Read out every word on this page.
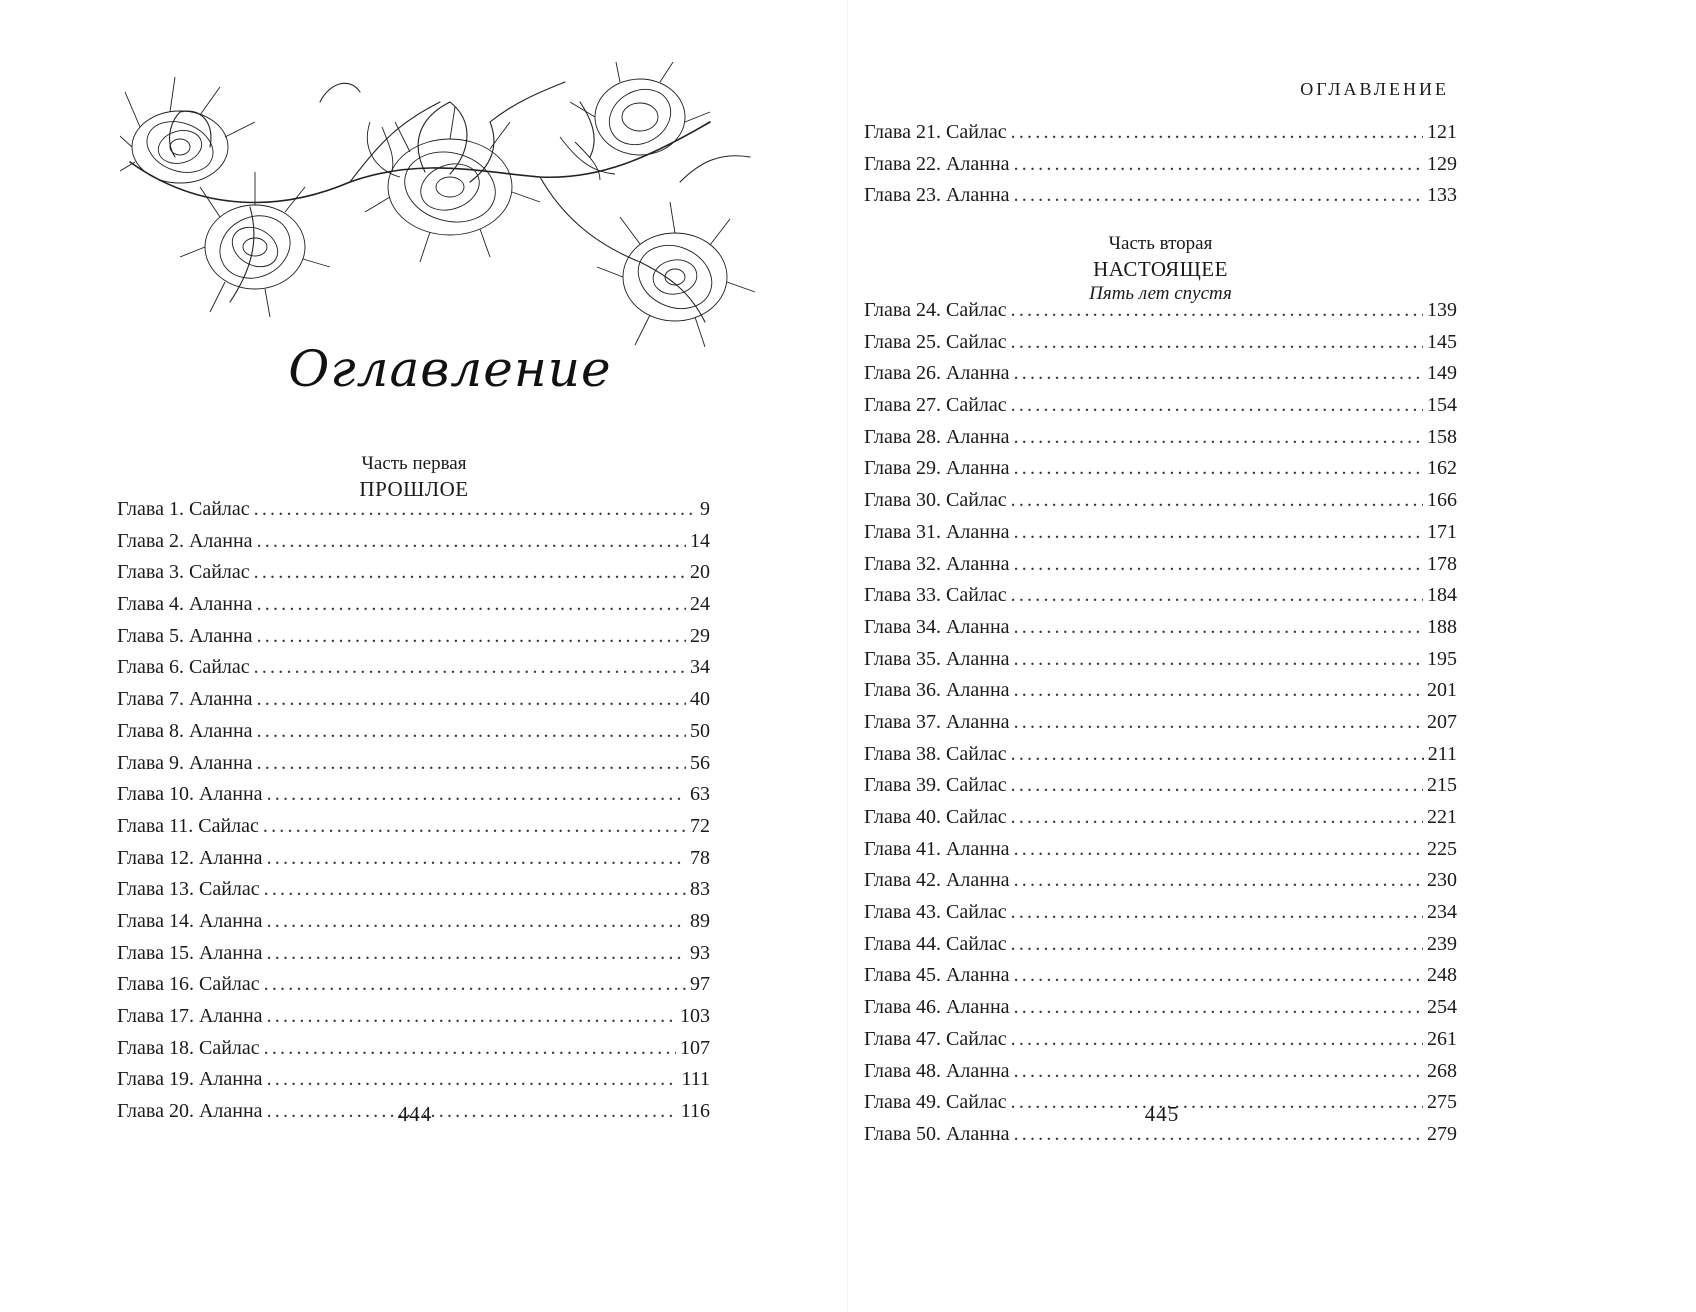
Оглавление
Часть первая
ПРОШЛОЕ
Глава 1. Сайлас .....	9
Глава 2. Аланна .....	14
Глава 3. Сайлас .....	20
Глава 4. Аланна .....	24
Глава 5. Аланна .....	29
Глава 6. Сайлас .....	34
Глава 7. Аланна .....	40
Глава 8. Аланна .....	50
Глава 9. Аланна .....	56
Глава 10. Аланна .....	63
Глава 11. Сайлас .....	72
Глава 12. Аланна .....	78
Глава 13. Сайлас .....	83
Глава 14. Аланна .....	89
Глава 15. Аланна .....	93
Глава 16. Сайлас .....	97
Глава 17. Аланна .....	103
Глава 18. Сайлас .....	107
Глава 19. Аланна .....	111
Глава 20. Аланна .....	116
444
ОГЛАВЛЕНИЕ
Глава 21. Сайлас .....	121
Глава 22. Аланна .....	129
Глава 23. Аланна .....	133
Часть вторая
НАСТОЯЩЕЕ
Пять лет спустя
Глава 24. Сайлас .....	139
Глава 25. Сайлас .....	145
Глава 26. Аланна .....	149
Глава 27. Сайлас .....	154
Глава 28. Аланна .....	158
Глава 29. Аланна .....	162
Глава 30. Сайлас .....	166
Глава 31. Аланна .....	171
Глава 32. Аланна .....	178
Глава 33. Сайлас .....	184
Глава 34. Аланна .....	188
Глава 35. Аланна .....	195
Глава 36. Аланна .....	201
Глава 37. Аланна .....	207
Глава 38. Сайлас .....	211
Глава 39. Сайлас .....	215
Глава 40. Сайлас .....	221
Глава 41. Аланна .....	225
Глава 42. Аланна .....	230
Глава 43. Сайлас .....	234
Глава 44. Сайлас .....	239
Глава 45. Аланна .....	248
Глава 46. Аланна .....	254
Глава 47. Сайлас .....	261
Глава 48. Аланна .....	268
Глава 49. Сайлас .....	275
Глава 50. Аланна .....	279
445
